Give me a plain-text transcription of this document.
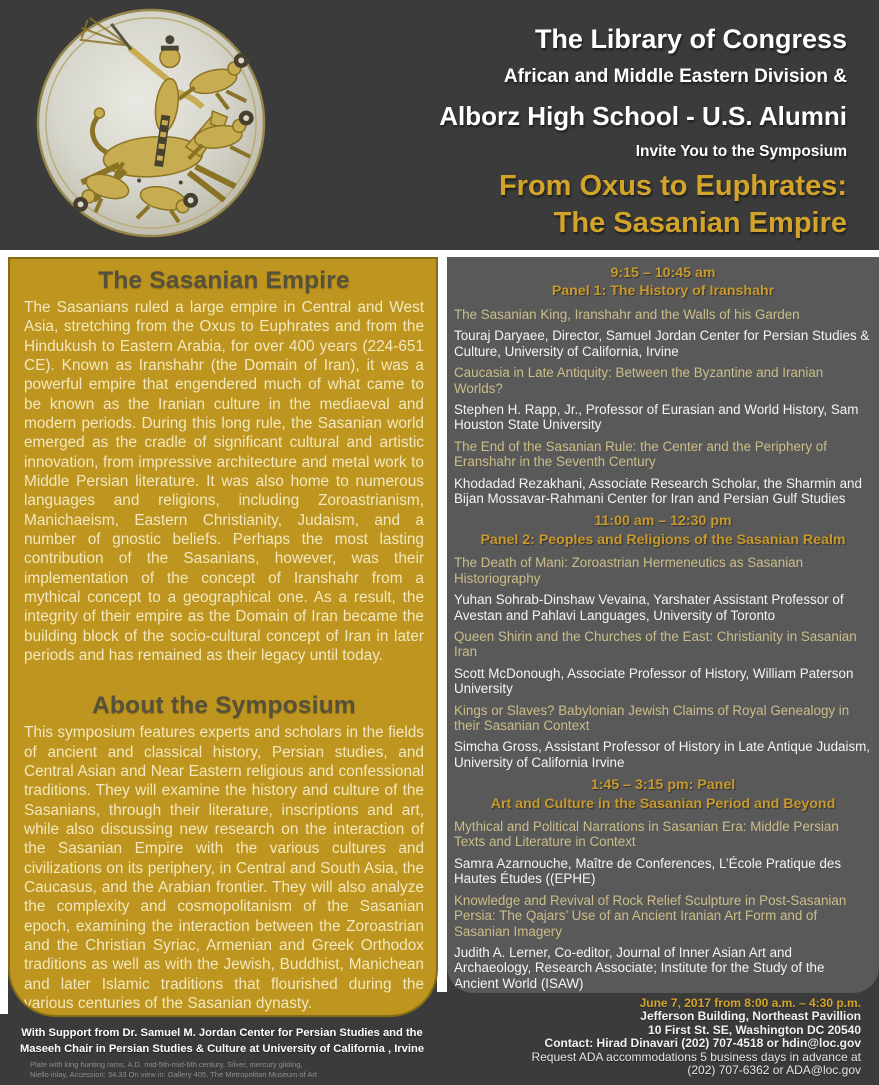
The Library of Congress
African and Middle Eastern Division &
Alborz High School - U.S. Alumni
Invite You to the Symposium
From Oxus to Euphrates:
The Sasanian Empire
The Sasanian Empire

The Sasanians ruled a large empire in Central and West Asia, stretching from the Oxus to Euphrates and from the Hindukush to Eastern Arabia, for over 400 years (224-651 CE). Known as Iranshahr (the Domain of Iran), it was a powerful empire that engendered much of what came to be known as the Iranian culture in the mediaeval and modern periods. During this long rule, the Sasanian world emerged as the cradle of significant cultural and artistic innovation, from impressive architecture and metal work to Middle Persian literature. It was also home to numerous languages and religions, including Zoroastrianism, Manichaeism, Eastern Christianity, Judaism, and a number of gnostic beliefs. Perhaps the most lasting contribution of the Sasanians, however, was their implementation of the concept of Iranshahr from a mythical concept to a geographical one. As a result, the integrity of their empire as the Domain of Iran became the building block of the socio-cultural concept of Iran in later periods and has remained as their legacy until today.

About the Symposium

This symposium features experts and scholars in the fields of ancient and classical history, Persian studies, and Central Asian and Near Eastern religious and confessional traditions. They will examine the history and culture of the Sasanians, through their literature, inscriptions and art, while also discussing new research on the interaction of the Sasanian Empire with the various cultures and civilizations on its periphery, in Central and South Asia, the Caucasus, and the Arabian frontier. They will also analyze the complexity and cosmopolitanism of the Sasanian epoch, examining the interaction between the Zoroastrian and the Christian Syriac, Armenian and Greek Orthodox traditions as well as with the Jewish, Buddhist, Manichean and later Islamic traditions that flourished during the various centuries of the Sasanian dynasty.

9:15 – 10:45 am
Panel 1: The History of Iranshahr
The Sasanian King, Iranshahr and the Walls of his Garden
Touraj Daryaee, Director, Samuel Jordan Center for Persian Studies & Culture, University of California, Irvine
Caucasia in Late Antiquity: Between the Byzantine and Iranian Worlds?
Stephen H. Rapp, Jr., Professor of Eurasian and World History, Sam Houston State University
The End of the Sasanian Rule: the Center and the Periphery of Eranshahr in the Seventh Century
Khodadad Rezakhani, Associate Research Scholar, the Sharmin and Bijan Mossavar-Rahmani Center for Iran and Persian Gulf Studies
11:00 am – 12:30 pm
Panel 2: Peoples and Religions of the Sasanian Realm
The Death of Mani: Zoroastrian Hermeneutics as Sasanian Historiography
Yuhan Sohrab-Dinshaw Vevaina, Yarshater Assistant Professor of Avestan and Pahlavi Languages, University of Toronto
Queen Shirin and the Churches of the East: Christianity in Sasanian Iran
Scott McDonough, Associate Professor of History, William Paterson University
Kings or Slaves? Babylonian Jewish Claims of Royal Genealogy in their Sasanian Context
Simcha Gross, Assistant Professor of History in Late Antique Judaism, University of California Irvine
1:45 – 3:15 pm: Panel
Art and Culture in the Sasanian Period and Beyond
Mythical and Political Narrations in Sasanian Era: Middle Persian Texts and Literature in Context
Samra Azarnouche, Maître de Conferences, L’École Pratique des Hautes Études ((EPHE)
Knowledge and Revival of Rock Relief Sculpture in Post-Sasanian Persia: The Qajars’ Use of an Ancient Iranian Art Form and of Sasanian Imagery
Judith A. Lerner, Co-editor, Journal of Inner Asian Art and Archaeology, Research Associate; Institute for the Study of the Ancient World (ISAW)
With Support from Dr. Samuel M. Jordan Center for Persian Studies and the
Maseeh Chair in Persian Studies & Culture at University of California , Irvine
Plate with king hunting rams, A.D. mid-5th-mid-6th century, Silver, mercury gilding,
Niello inlay, Accession: 34.33 On view in: Gallery 405, The Metropolitan Museum of Art
June 7, 2017 from 8:00 a.m. – 4:30 p.m.
Jefferson Building, Northeast Pavillion
10 First St. SE, Washington DC 20540
Contact: Hirad Dinavari (202) 707-4518 or hdin@loc.gov
Request ADA accommodations 5 business days in advance at
(202) 707-6362 or ADA@loc.gov
